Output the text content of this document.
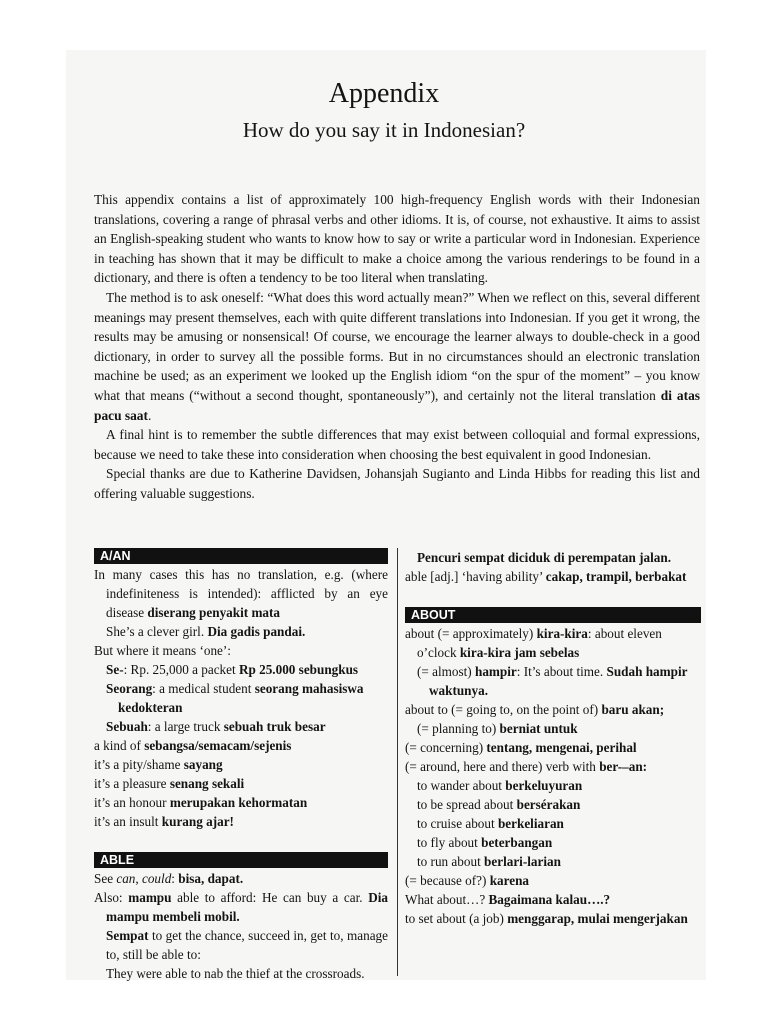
Appendix
How do you say it in Indonesian?

This appendix contains a list of approximately 100 high-frequency English words with their Indonesian translations, covering a range of phrasal verbs and other idioms. It is, of course, not exhaustive. It aims to assist an English-speaking student who wants to know how to say or write a particular word in Indonesian. Experience in teaching has shown that it may be difficult to make a choice among the various renderings to be found in a dictionary, and there is often a tendency to be too literal when translating.

The method is to ask oneself: “What does this word actually mean?” When we reflect on this, several different meanings may present themselves, each with quite different translations into Indonesian. If you get it wrong, the results may be amusing or nonsensical! Of course, we encourage the learner always to double-check in a good dictionary, in order to survey all the possible forms. But in no circumstances should an electronic translation machine be used; as an experiment we looked up the English idiom “on the spur of the moment” – you know what that means (“without a second thought, spontaneously”), and certainly not the literal translation di atas pacu saat.

A final hint is to remember the subtle differences that may exist between colloquial and formal expressions, because we need to take these into consideration when choosing the best equivalent in good Indonesian.

Special thanks are due to Katherine Davidsen, Johansjah Sugianto and Linda Hibbs for reading this list and offering valuable suggestions.

A/AN
In many cases this has no translation, e.g. (where indefiniteness is intended): afflicted by an eye disease diserang penyakit mata
She’s a clever girl. Dia gadis pandai.
But where it means ‘one’:
Se-: Rp. 25,000 a packet Rp 25.000 sebungkus
Seorang: a medical student seorang mahasiswa kedokteran
Sebuah: a large truck sebuah truk besar
a kind of sebangsa/semacam/sejenis
it’s a pity/shame sayang
it’s a pleasure senang sekali
it’s an honour merupakan kehormatan
it’s an insult kurang ajar!
ABLE
See can, could: bisa, dapat.
Also: mampu able to afford: He can buy a car. Dia mampu membeli mobil.
Sempat to get the chance, succeed in, get to, manage to, still be able to:
They were able to nab the thief at the crossroads.
Pencuri sempat diciduk di perempatan jalan.
able [adj.] ‘having ability’ cakap, trampil, berbakat
ABOUT
about (= approximately) kira-kira: about eleven o’clock kira-kira jam sebelas
(= almost) hampir: It’s about time. Sudah hampir waktunya.
about to (= going to, on the point of) baru akan;
(= planning to) berniat untuk
(= concerning) tentang, mengenai, perihal
(= around, here and there) verb with ber-–an:
to wander about berkeluyuran
to be spread about bersérakan
to cruise about berkeliaran
to fly about beterbangan
to run about berlari-larian
(= because of?) karena
What about…? Bagaimana kalau….?
to set about (a job) menggarap, mulai mengerjakan
